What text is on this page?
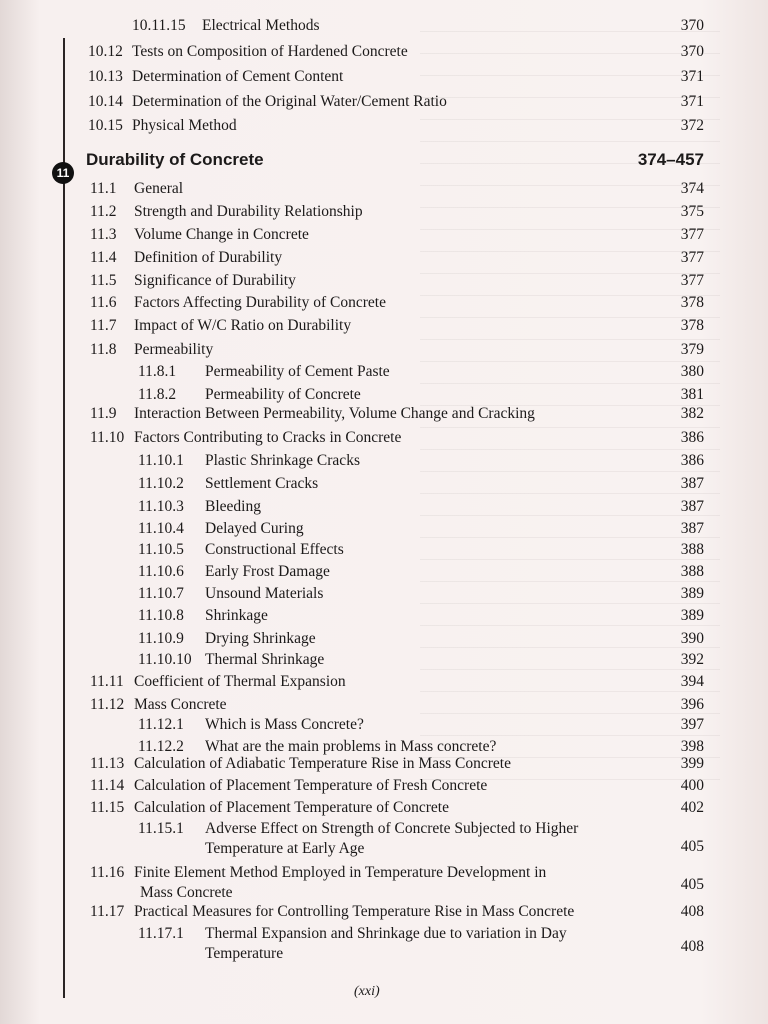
10.11.15 Electrical Methods	370
10.12 Tests on Composition of Hardened Concrete	370
10.13 Determination of Cement Content	371
10.14 Determination of the Original Water/Cement Ratio	371
10.15 Physical Method	372
11
Durability of Concrete	374–457
11.1 General	374
11.2 Strength and Durability Relationship	375
11.3 Volume Change in Concrete	377
11.4 Definition of Durability	377
11.5 Significance of Durability	377
11.6 Factors Affecting Durability of Concrete	378
11.7 Impact of W/C Ratio on Durability	378
11.8 Permeability	379
11.8.1 Permeability of Cement Paste	380
11.8.2 Permeability of Concrete	381
11.9 Interaction Between Permeability, Volume Change and Cracking	382
11.10 Factors Contributing to Cracks in Concrete	386
11.10.1 Plastic Shrinkage Cracks	386
11.10.2 Settlement Cracks	387
11.10.3 Bleeding	387
11.10.4 Delayed Curing	387
11.10.5 Constructional Effects	388
11.10.6 Early Frost Damage	388
11.10.7 Unsound Materials	389
11.10.8 Shrinkage	389
11.10.9 Drying Shrinkage	390
11.10.10 Thermal Shrinkage	392
11.11 Coefficient of Thermal Expansion	394
11.12 Mass Concrete	396
11.12.1 Which is Mass Concrete?	397
11.12.2 What are the main problems in Mass concrete?	398
11.13 Calculation of Adiabatic Temperature Rise in Mass Concrete	399
11.14 Calculation of Placement Temperature of Fresh Concrete	400
11.15 Calculation of Placement Temperature of Concrete	402
11.15.1 Adverse Effect on Strength of Concrete Subjected to Higher
Temperature at Early Age	405
11.16 Finite Element Method Employed in Temperature Development in
Mass Concrete	405
11.17 Practical Measures for Controlling Temperature Rise in Mass Concrete	408
11.17.1 Thermal Expansion and Shrinkage due to variation in Day
Temperature	408
(xxi)
